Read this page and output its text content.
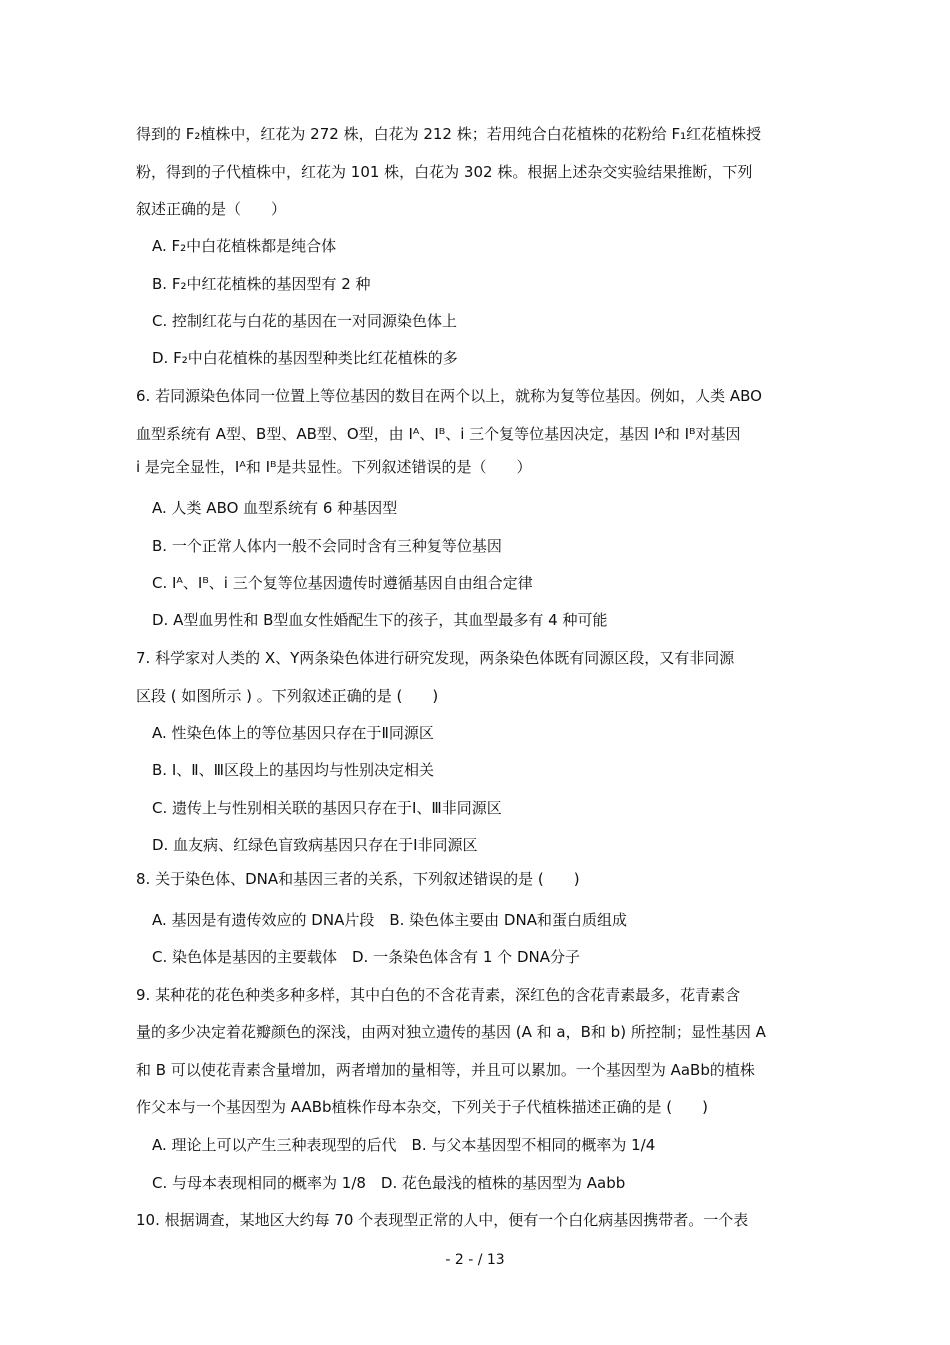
得到的 F₂植株中，红花为 272 株，白花为 212 株；若用纯合白花植株的花粉给 F₁红花植株授
粉，得到的子代植株中，红花为 101 株，白花为 302 株。根据上述杂交实验结果推断，下列
叙述正确的是（　　）
A. F₂中白花植株都是纯合体
B. F₂中红花植株的基因型有 2 种
C. 控制红花与白花的基因在一对同源染色体上
D. F₂中白花植株的基因型种类比红花植株的多
6. 若同源染色体同一位置上等位基因的数目在两个以上，就称为复等位基因。例如，人类 ABO
血型系统有 A型、B型、AB型、O型，由 Iᴬ、Iᴮ、i 三个复等位基因决定，基因 Iᴬ和 Iᴮ对基因
i 是完全显性，Iᴬ和 Iᴮ是共显性。下列叙述错误的是（　　）
A. 人类 ABO 血型系统有 6 种基因型
B. 一个正常人体内一般不会同时含有三种复等位基因
C. Iᴬ、Iᴮ、i 三个复等位基因遗传时遵循基因自由组合定律
D. A型血男性和 B型血女性婚配生下的孩子，其血型最多有 4 种可能
7. 科学家对人类的 X、Y两条染色体进行研究发现，两条染色体既有同源区段，又有非同源
区段 ( 如图所示 ) 。下列叙述正确的是 (　　)
A. 性染色体上的等位基因只存在于Ⅱ同源区
B. Ⅰ、Ⅱ、Ⅲ区段上的基因均与性别决定相关
C. 遗传上与性别相关联的基因只存在于Ⅰ、Ⅲ非同源区
D. 血友病、红绿色盲致病基因只存在于Ⅰ非同源区
8. 关于染色体、DNA和基因三者的关系，下列叙述错误的是 (　　)
A. 基因是有遗传效应的 DNA片段　B. 染色体主要由 DNA和蛋白质组成
C. 染色体是基因的主要载体　D. 一条染色体含有 1 个 DNA分子
9. 某种花的花色种类多种多样，其中白色的不含花青素，深红色的含花青素最多，花青素含
量的多少决定着花瓣颜色的深浅，由两对独立遗传的基因 (A 和 a，B和 b) 所控制；显性基因 A
和 B 可以使花青素含量增加，两者增加的量相等，并且可以累加。一个基因型为 AaBb的植株
作父本与一个基因型为 AABb植株作母本杂交，下列关于子代植株描述正确的是 (　　)
A. 理论上可以产生三种表现型的后代　B. 与父本基因型不相同的概率为 1/4
C. 与母本表现相同的概率为 1/8　D. 花色最浅的植株的基因型为 Aabb
10. 根据调查，某地区大约每 70 个表现型正常的人中，便有一个白化病基因携带者。一个表
- 2 - / 13
